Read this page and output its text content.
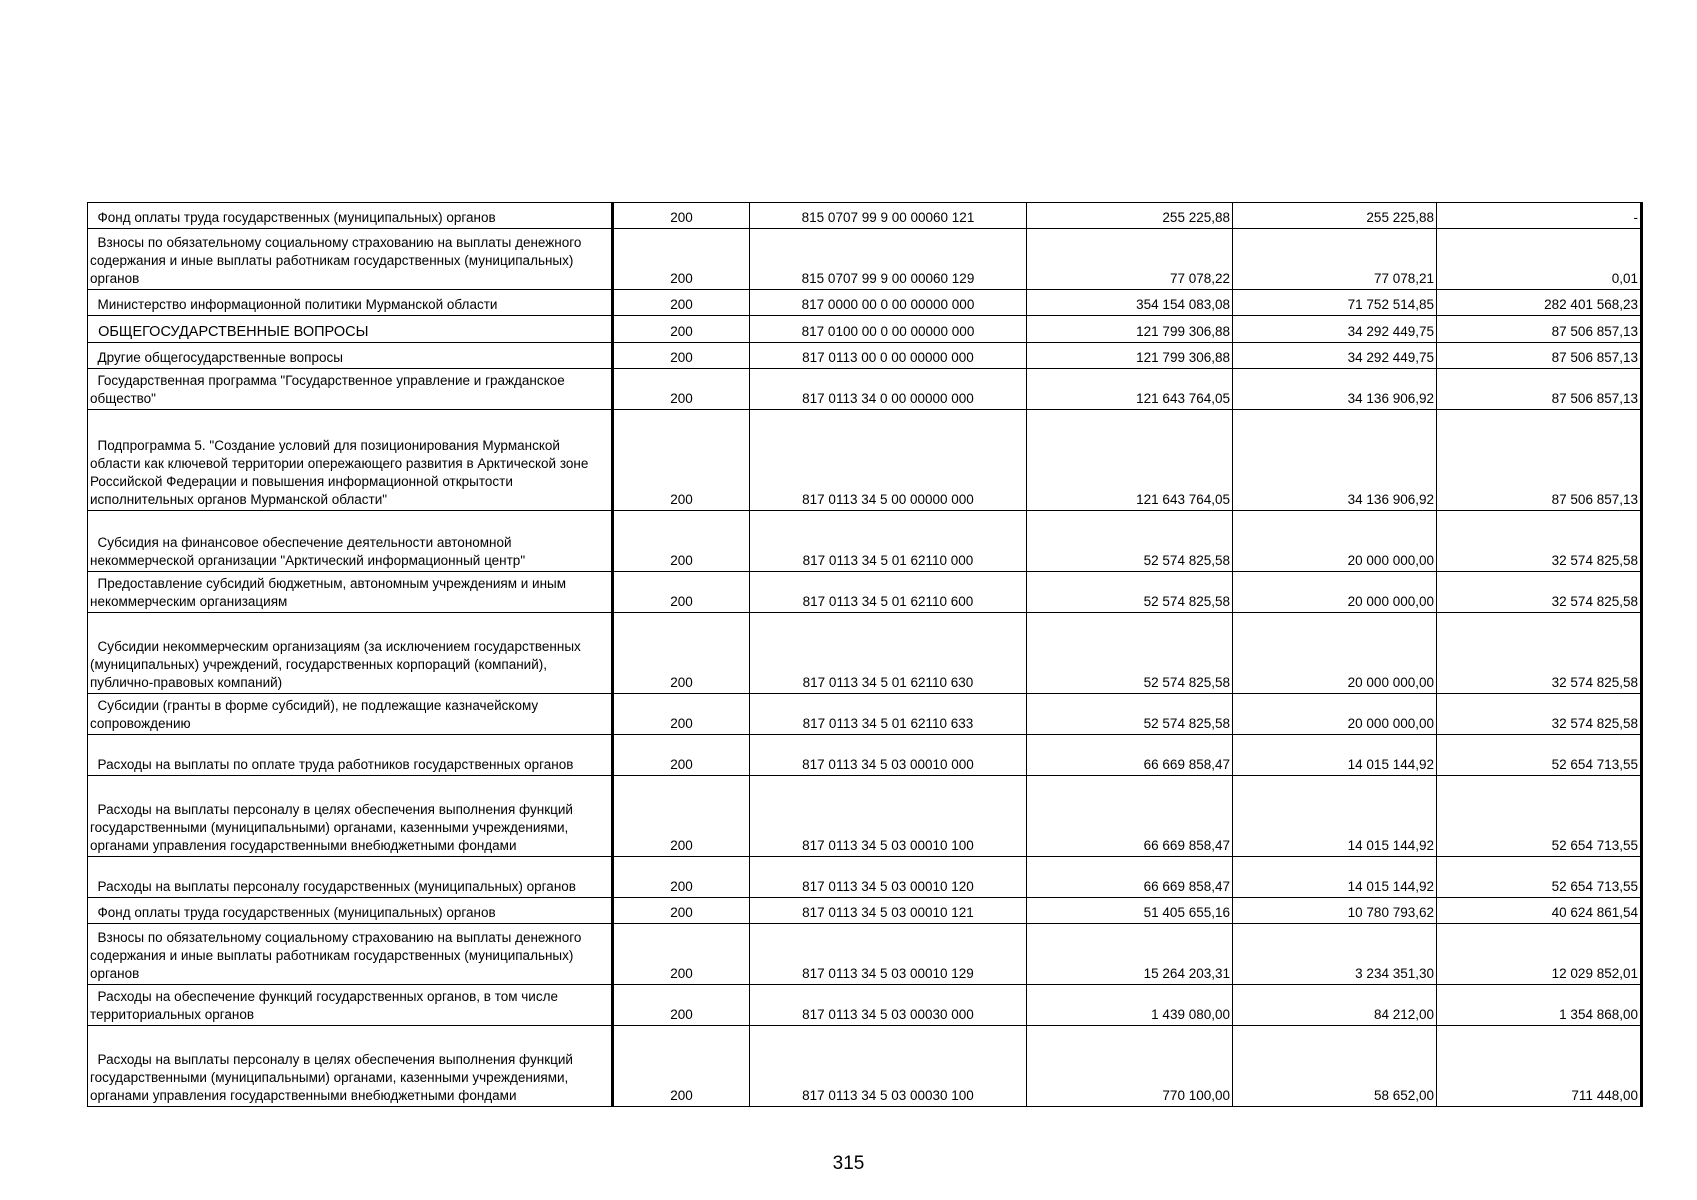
Фонд оплаты труда государственных (муниципальных) органов	200	815 0707 99 9 00 00060 121	255 225,88	255 225,88	-
Взносы по обязательному социальному страхованию на выплаты денежного содержания и иные выплаты работникам государственных (муниципальных) органов	200	815 0707 99 9 00 00060 129	77 078,22	77 078,21	0,01
Министерство информационной политики Мурманской области	200	817 0000 00 0 00 00000 000	354 154 083,08	71 752 514,85	282 401 568,23
ОБЩЕГОСУДАРСТВЕННЫЕ ВОПРОСЫ	200	817 0100 00 0 00 00000 000	121 799 306,88	34 292 449,75	87 506 857,13
Другие общегосударственные вопросы	200	817 0113 00 0 00 00000 000	121 799 306,88	34 292 449,75	87 506 857,13
Государственная программа "Государственное управление и гражданское общество"	200	817 0113 34 0 00 00000 000	121 643 764,05	34 136 906,92	87 506 857,13
Подпрограмма 5. "Создание условий для позиционирования Мурманской области как ключевой территории опережающего развития в Арктической зоне Российской Федерации и повышения информационной открытости исполнительных органов Мурманской области"	200	817 0113 34 5 00 00000 000	121 643 764,05	34 136 906,92	87 506 857,13
Субсидия на финансовое обеспечение деятельности автономной некоммерческой организации "Арктический информационный центр"	200	817 0113 34 5 01 62110 000	52 574 825,58	20 000 000,00	32 574 825,58
Предоставление субсидий бюджетным, автономным учреждениям и иным некоммерческим организациям	200	817 0113 34 5 01 62110 600	52 574 825,58	20 000 000,00	32 574 825,58
Субсидии некоммерческим организациям (за исключением государственных (муниципальных) учреждений, государственных корпораций (компаний), публично-правовых компаний)	200	817 0113 34 5 01 62110 630	52 574 825,58	20 000 000,00	32 574 825,58
Субсидии (гранты в форме субсидий), не подлежащие казначейскому сопровождению	200	817 0113 34 5 01 62110 633	52 574 825,58	20 000 000,00	32 574 825,58
Расходы на выплаты по оплате труда работников государственных органов	200	817 0113 34 5 03 00010 000	66 669 858,47	14 015 144,92	52 654 713,55
Расходы на выплаты персоналу в целях обеспечения выполнения функций государственными (муниципальными) органами, казенными учреждениями, органами управления государственными внебюджетными фондами	200	817 0113 34 5 03 00010 100	66 669 858,47	14 015 144,92	52 654 713,55
Расходы на выплаты персоналу государственных (муниципальных) органов	200	817 0113 34 5 03 00010 120	66 669 858,47	14 015 144,92	52 654 713,55
Фонд оплаты труда государственных (муниципальных) органов	200	817 0113 34 5 03 00010 121	51 405 655,16	10 780 793,62	40 624 861,54
Взносы по обязательному социальному страхованию на выплаты денежного содержания и иные выплаты работникам государственных (муниципальных) органов	200	817 0113 34 5 03 00010 129	15 264 203,31	3 234 351,30	12 029 852,01
Расходы на обеспечение функций государственных органов, в том числе территориальных органов	200	817 0113 34 5 03 00030 000	1 439 080,00	84 212,00	1 354 868,00
Расходы на выплаты персоналу в целях обеспечения выполнения функций государственными (муниципальными) органами, казенными учреждениями, органами управления государственными внебюджетными фондами	200	817 0113 34 5 03 00030 100	770 100,00	58 652,00	711 448,00
315
